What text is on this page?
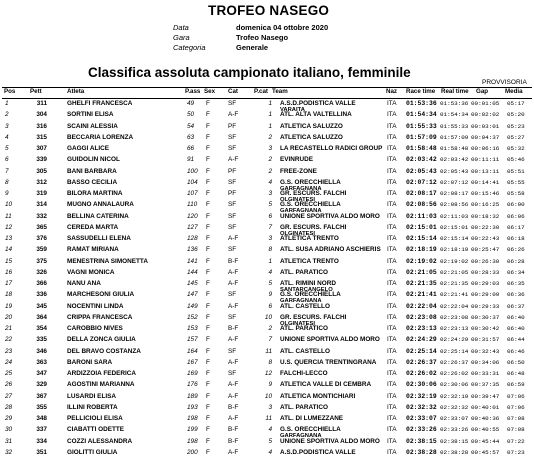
TROFEO NASEGO
Data	domenica 04 ottobre 2020
Gara	Trofeo Nasego
Categoria	Generale
Classifica assoluta campionato italiano, femminile
PROVVISORIA
Pos Pett	Atleta	P.ass Sex Cat	P.cat Team	Naz Race time Real time Gap	Media
1	311	GHELFI FRANCESCA	49 F	SF	1 A.S.D.PODISTICA VALLE	ITA 01:53:36 01:53:36 00:01:05 05:17
VARAITA
2	304	SORTINI ELISA	50 F	A-F	1 ATL. ALTA VALTELLINA	ITA 01:54:34 01:54:34 00:02:02 05:20
3	316	SCAINI ALESSIA	54 F	PF	1 ATLETICA SALUZZO	ITA 01:55:33 01:55:33 00:03:01 05:23
4	315	BECCARIA LORENZA	63 F	SF	2 ATLETICA SALUZZO	ITA 01:57:09 01:57:09 00:04:37 05:27
5	307	GAGGI ALICE	66 F	SF	3 LA RECASTELLO RADICI GROUP ITA 01:58:48 01:58:48 00:06:16 05:32
6	339	GUIDOLIN NICOL	91 F	A-F	2 EVINRUDE	ITA 02:03:42 02:03:42 00:11:11 05:46
7	305	BANI BARBARA	100 F	PF	2 FREE-ZONE	ITA 02:05:43 02:05:43 00:13:11 05:51
8	312	BASSO CECILIA	104 F	SF	4 G.S. ORECCHIELLA	ITA 02:07:12 02:07:12 00:14:41 05:55
GARFAGNANA
9	319	BILORA MARTINA	107 F	PF	3 GR. ESCURS. FALCHI	ITA 02:08:17 02:08:17 00:15:46 05:58
OLGINATESI
10	314	MUGNO ANNALAURA	110 F	SF	5 G.S. ORECCHIELLA	ITA 02:08:56 02:08:56 00:16:25 06:00
GARFAGNANA
11	332	BELLINA CATERINA	120 F	SF	6 UNIONE SPORTIVA ALDO MORO ITA 02:11:03 02:11:03 00:18:32 06:06
12	365	CEREDA MARTA	127 F	SF	7 GR. ESCURS. FALCHI	ITA 02:15:01 02:15:01 00:22:30 06:17
OLGINATESI
13	376	SASSUDELLI ELENA	128 F	A-F	3 ATLETICA TRENTO	ITA 02:15:14 02:15:14 00:22:43 06:18
14	359	RAMAT MIRIANA	136 F	SF	8 ATL. SUSA ADRIANO ASCHIERIS ITA 02:18:19 02:18:19 00:25:47 06:26
15	375	MENESTRINA SIMONETTA	141 F	B-F	1 ATLETICA TRENTO	ITA 02:19:02 02:19:02 00:26:30 06:28
16	326	VAGNI MONICA	144 F	A-F	4 ATL. PARATICO	ITA 02:21:05 02:21:05 00:28:33 06:34
17	366	NANU ANA	145 F	A-F	5 ATL. RIMINI NORD	ITA 02:21:35 02:21:35 00:29:03 06:35
SANTARCANGELO
18	336	MARCHESONI GIULIA	147 F	SF	9 G.S. ORECCHIELLA	ITA 02:21:41 02:21:41 00:29:09 06:36
GARFAGNANA
19	345	NOCENTINI LINDA	149 F	A-F	6 ATL. CASTELLO	ITA 02:22:04 02:22:04 00:29:33 06:37
20	364	CRIPPA FRANCESCA	152 F	SF	10 GR. ESCURS. FALCHI	ITA 02:23:08 02:23:08 00:30:37 06:40
OLGINATESI
21	354	CAROBBIO NIVES	153 F	B-F	2 ATL. PARATICO	ITA 02:23:13 02:23:13 00:30:42 06:40
22	335	DELLA ZONCA GIULIA	157 F	A-F	7 UNIONE SPORTIVA ALDO MORO ITA 02:24:29 02:24:29 00:31:57 06:44
23	346	DEL BRAVO COSTANZA	164 F	SF	11 ATL. CASTELLO	ITA 02:25:14 02:25:14 00:32:43 06:46
24	363	BARONI SARA	167 F	A-F	8 U.S. QUERCIA TRENTINGRANA ITA 02:26:37 02:26:37 00:34:06 06:50
25	347	ARDIZZOIA FEDERICA	169 F	SF	12 FALCHI-LECCO	ITA 02:26:02 02:26:02 00:33:31 06:48
26	329	AGOSTINI MARIANNA	176 F	A-F	9 ATLETICA VALLE DI CEMBRA ITA 02:30:06 02:30:06 00:37:35 06:59
27	367	LUSARDI ELISA	189 F	A-F	10 ATLETICA MONTICHIARI	ITA 02:32:19 02:32:19 00:39:47 07:06
28	355	ILLINI ROBERTA	193 F	B-F	3 ATL. PARATICO	ITA 02:32:32 02:32:32 00:40:01 07:06
29	348	PELLICIOLI ELISA	198 F	A-F	11 ATL. DI LUMEZZANE	ITA 02:33:07 02:33:07 00:40:36 07:08
30	337	CIABATTI ODETTE	199 F	B-F	4 G.S. ORECCHIELLA	ITA 02:33:26 02:33:26 00:40:55 07:08
GARFAGNANA
31	334	COZZI ALESSANDRA	198 F	B-F	5 UNIONE SPORTIVA ALDO MORO ITA 02:38:15 02:38:15 00:45:44 07:22
32	351	GIOLITTI GIULIA	200 F	A-F	4 A.S.D.PODISTICA VALLE	ITA 02:38:28 02:38:28 00:45:57 07:23
